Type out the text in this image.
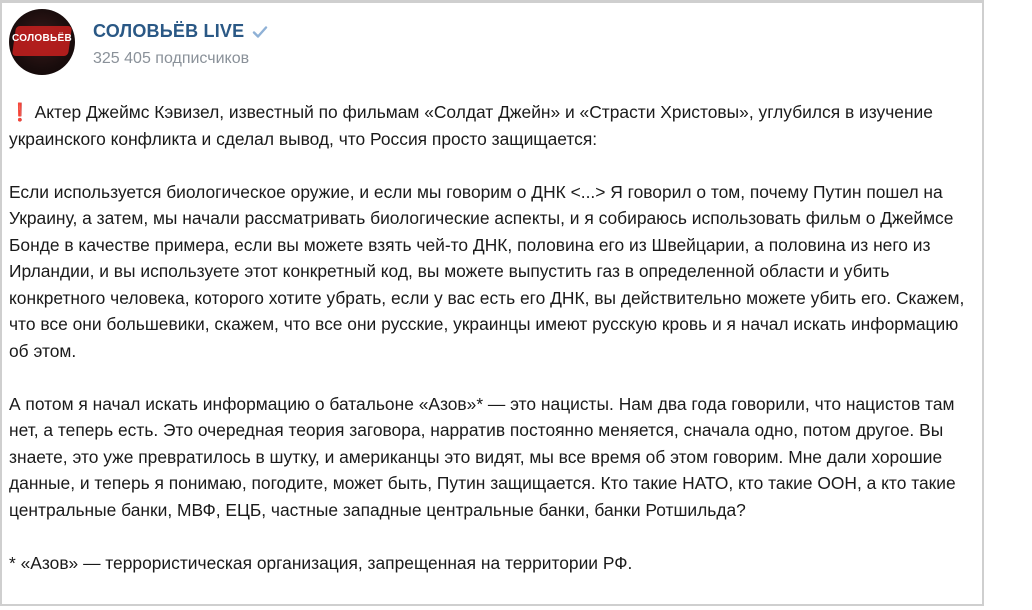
СОЛОВЬЁВ СОЛОВЬЁВ LIVE
325 405 подписчиков

❗ Актер Джеймс Кэвизел, известный по фильмам «Солдат Джейн» и «Страсти Христовы», углубился в изучение украинского конфликта и сделал вывод, что Россия просто защищается:

Если используется биологическое оружие, и если мы говорим о ДНК <...> Я говорил о том, почему Путин пошел на Украину, а затем, мы начали рассматривать биологические аспекты, и я собираюсь использовать фильм о Джеймсе Бонде в качестве примера, если вы можете взять чей-то ДНК, половина его из Швейцарии, а половина из него из Ирландии, и вы используете этот конкретный код, вы можете выпустить газ в определенной области и убить конкретного человека, которого хотите убрать, если у вас есть его ДНК, вы действительно можете убить его. Скажем, что все они большевики, скажем, что все они русские, украинцы имеют русскую кровь и я начал искать информацию об этом.

А потом я начал искать информацию о батальоне «Азов»* — это нацисты. Нам два года говорили, что нацистов там нет, а теперь есть. Это очередная теория заговора, нарратив постоянно меняется, сначала одно, потом другое. Вы знаете, это уже превратилось в шутку, и американцы это видят, мы все время об этом говорим. Мне дали хорошие данные, и теперь я понимаю, погодите, может быть, Путин защищается. Кто такие НАТО, кто такие ООН, а кто такие центральные банки, МВФ, ЕЦБ, частные западные центральные банки, банки Ротшильда?

* «Азов» — террористическая организация, запрещенная на территории РФ.
